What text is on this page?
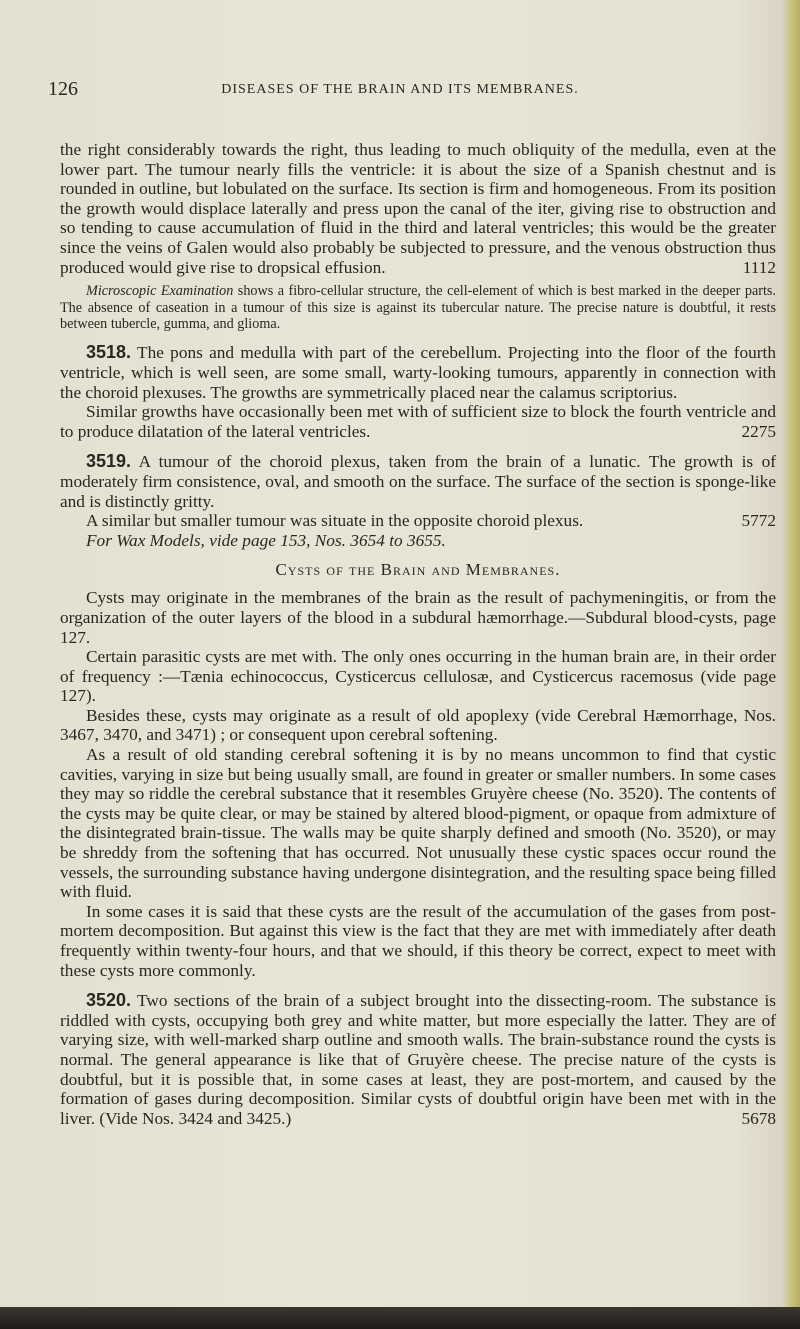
126	DISEASES OF THE BRAIN AND ITS MEMBRANES.

the right considerably towards the right, thus leading to much obliquity of the medulla, even at the lower part. The tumour nearly fills the ventricle: it is about the size of a Spanish chestnut and is rounded in outline, but lobulated on the surface. Its section is firm and homogeneous. From its position the growth would displace laterally and press upon the canal of the iter, giving rise to obstruction and so tending to cause accumulation of fluid in the third and lateral ventricles; this would be the greater since the veins of Galen would also probably be subjected to pressure, and the venous obstruction thus produced would give rise to dropsical effusion.	1112

Microscopic Examination shows a fibro-cellular structure, the cell-element of which is best marked in the deeper parts. The absence of caseation in a tumour of this size is against its tubercular nature. The precise nature is doubtful, it rests between tubercle, gumma, and glioma.

3518. The pons and medulla with part of the cerebellum. Projecting into the floor of the fourth ventricle, which is well seen, are some small, warty-looking tumours, apparently in connection with the choroid plexuses. The growths are symmetrically placed near the calamus scriptorius.

Similar growths have occasionally been met with of sufficient size to block the fourth ventricle and to produce dilatation of the lateral ventricles.	2275

3519. A tumour of the choroid plexus, taken from the brain of a lunatic. The growth is of moderately firm consistence, oval, and smooth on the surface. The surface of the section is sponge-like and is distinctly gritty.

A similar but smaller tumour was situate in the opposite choroid plexus.	5772

For Wax Models, vide page 153, Nos. 3654 to 3655.

Cysts of the Brain and Membranes.

Cysts may originate in the membranes of the brain as the result of pachymeningitis, or from the organization of the outer layers of the blood in a subdural hæmorrhage.—Subdural blood-cysts, page 127.

Certain parasitic cysts are met with. The only ones occurring in the human brain are, in their order of frequency :—Tænia echinococcus, Cysticercus cellulosæ, and Cysticercus racemosus (vide page 127).

Besides these, cysts may originate as a result of old apoplexy (vide Cerebral Hæmorrhage, Nos. 3467, 3470, and 3471) ; or consequent upon cerebral softening.

As a result of old standing cerebral softening it is by no means uncommon to find that cystic cavities, varying in size but being usually small, are found in greater or smaller numbers. In some cases they may so riddle the cerebral substance that it resembles Gruyère cheese (No. 3520). The contents of the cysts may be quite clear, or may be stained by altered blood-pigment, or opaque from admixture of the disintegrated brain-tissue. The walls may be quite sharply defined and smooth (No. 3520), or may be shreddy from the softening that has occurred. Not unusually these cystic spaces occur round the vessels, the surrounding substance having undergone disintegration, and the resulting space being filled with fluid.

In some cases it is said that these cysts are the result of the accumulation of the gases from post-mortem decomposition. But against this view is the fact that they are met with immediately after death frequently within twenty-four hours, and that we should, if this theory be correct, expect to meet with these cysts more commonly.

3520. Two sections of the brain of a subject brought into the dissecting-room. The substance is riddled with cysts, occupying both grey and white matter, but more especially the latter. They are of varying size, with well-marked sharp outline and smooth walls. The brain-substance round the cysts is normal. The general appearance is like that of Gruyère cheese. The precise nature of the cysts is doubtful, but it is possible that, in some cases at least, they are post-mortem, and caused by the formation of gases during decomposition. Similar cysts of doubtful origin have been met with in the liver. (Vide Nos. 3424 and 3425.)	5678
